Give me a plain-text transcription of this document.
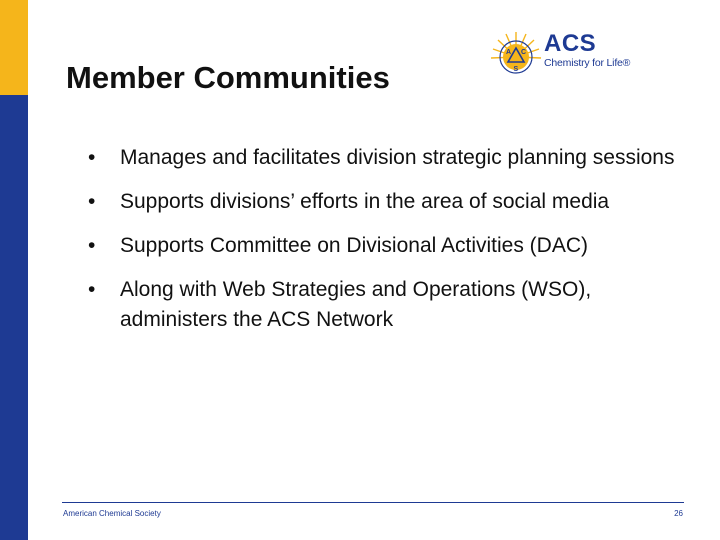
Member Communities
A C
S
ACS
Chemistry for Life®
• Manages and facilitates division strategic planning sessions
• Supports divisions’ efforts in the area of social media
• Supports Committee on Divisional Activities (DAC)
• Along with Web Strategies and Operations (WSO), administers the ACS Network
American Chemical Society	26
